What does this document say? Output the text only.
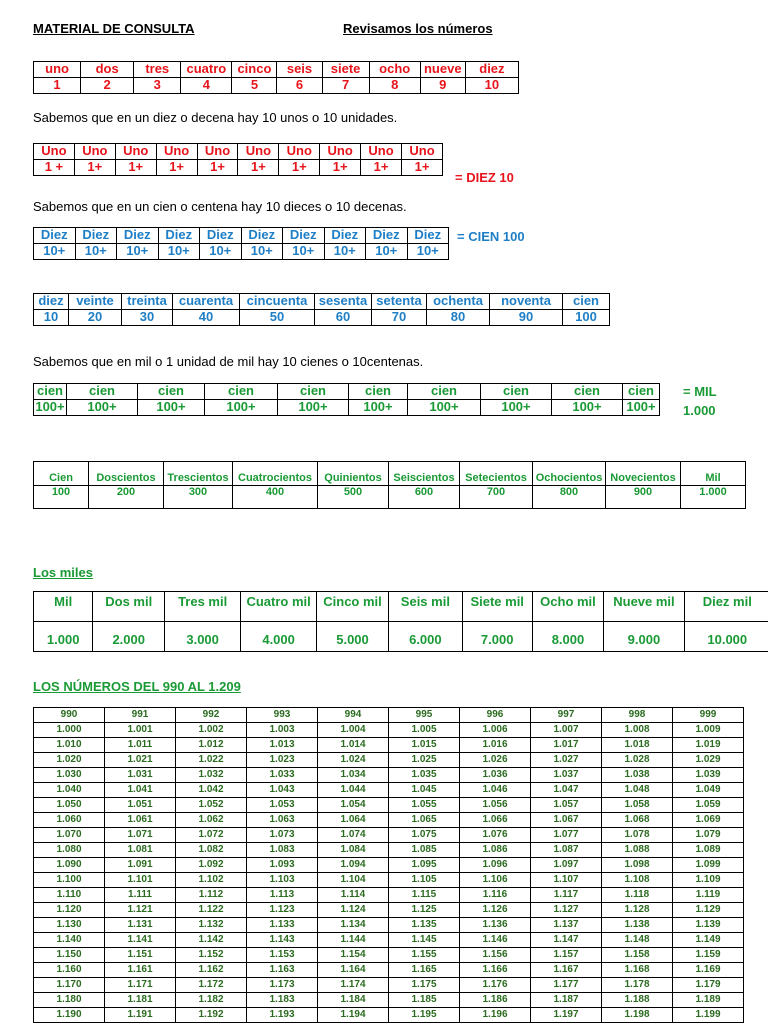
MATERIAL DE CONSULTA	Revisamos los números
uno	dos	tres	cuatro	cinco	seis	siete	ocho	nueve	diez
1	2	3	4	5	6	7	8	9	10
Sabemos que en un diez o decena hay 10 unos o 10 unidades.
Uno	Uno	Uno	Uno	Uno	Uno	Uno	Uno	Uno	Uno
1 +	1+	1+	1+	1+	1+	1+	1+	1+	1+
= DIEZ 10
Sabemos que en un cien o centena hay 10 dieces o 10 decenas.
Diez	Diez	Diez	Diez	Diez	Diez	Diez	Diez	Diez	Diez
10+	10+	10+	10+	10+	10+	10+	10+	10+	10+
= CIEN 100
diez	veinte	treinta	cuarenta	cincuenta	sesenta	setenta	ochenta	noventa	cien
10	20	30	40	50	60	70	80	90	100
Sabemos que en mil o 1 unidad de mil hay 10 cienes o 10centenas.
cien	cien	cien	cien	cien	cien	cien	cien	cien	cien
100+	100+	100+	100+	100+	100+	100+	100+	100+	100+
= MIL
1.000
Cien	Doscientos	Trescientos	Cuatrocientos	Quinientos	Seiscientos	Setecientos	Ochocientos	Novecientos	Mil
100	200	300	400	500	600	700	800	900	1.000
Los miles
Mil	Dos mil	Tres mil	Cuatro mil	Cinco mil	Seis mil	Siete mil	Ocho mil	Nueve mil	Diez mil
1.000	2.000	3.000	4.000	5.000	6.000	7.000	8.000	9.000	10.000
LOS NÚMEROS DEL 990 AL 1.209
990	991	992	993	994	995	996	997	998	999
1.000	1.001	1.002	1.003	1.004	1.005	1.006	1.007	1.008	1.009
1.010	1.011	1.012	1.013	1.014	1.015	1.016	1.017	1.018	1.019
1.020	1.021	1.022	1.023	1.024	1.025	1.026	1.027	1.028	1.029
1.030	1.031	1.032	1.033	1.034	1.035	1.036	1.037	1.038	1.039
1.040	1.041	1.042	1.043	1.044	1.045	1.046	1.047	1.048	1.049
1.050	1.051	1.052	1.053	1.054	1.055	1.056	1.057	1.058	1.059
1.060	1.061	1.062	1.063	1.064	1.065	1.066	1.067	1.068	1.069
1.070	1.071	1.072	1.073	1.074	1.075	1.076	1.077	1.078	1.079
1.080	1.081	1.082	1.083	1.084	1.085	1.086	1.087	1.088	1.089
1.090	1.091	1.092	1.093	1.094	1.095	1.096	1.097	1.098	1.099
1.100	1.101	1.102	1.103	1.104	1.105	1.106	1.107	1.108	1.109
1.110	1.111	1.112	1.113	1.114	1.115	1.116	1.117	1.118	1.119
1.120	1.121	1.122	1.123	1.124	1.125	1.126	1.127	1.128	1.129
1.130	1.131	1.132	1.133	1.134	1.135	1.136	1.137	1.138	1.139
1.140	1.141	1.142	1.143	1.144	1.145	1.146	1.147	1.148	1.149
1.150	1.151	1.152	1.153	1.154	1.155	1.156	1.157	1.158	1.159
1.160	1.161	1.162	1.163	1.164	1.165	1.166	1.167	1.168	1.169
1.170	1.171	1.172	1.173	1.174	1.175	1.176	1.177	1.178	1.179
1.180	1.181	1.182	1.183	1.184	1.185	1.186	1.187	1.188	1.189
1.190	1.191	1.192	1.193	1.194	1.195	1.196	1.197	1.198	1.199
